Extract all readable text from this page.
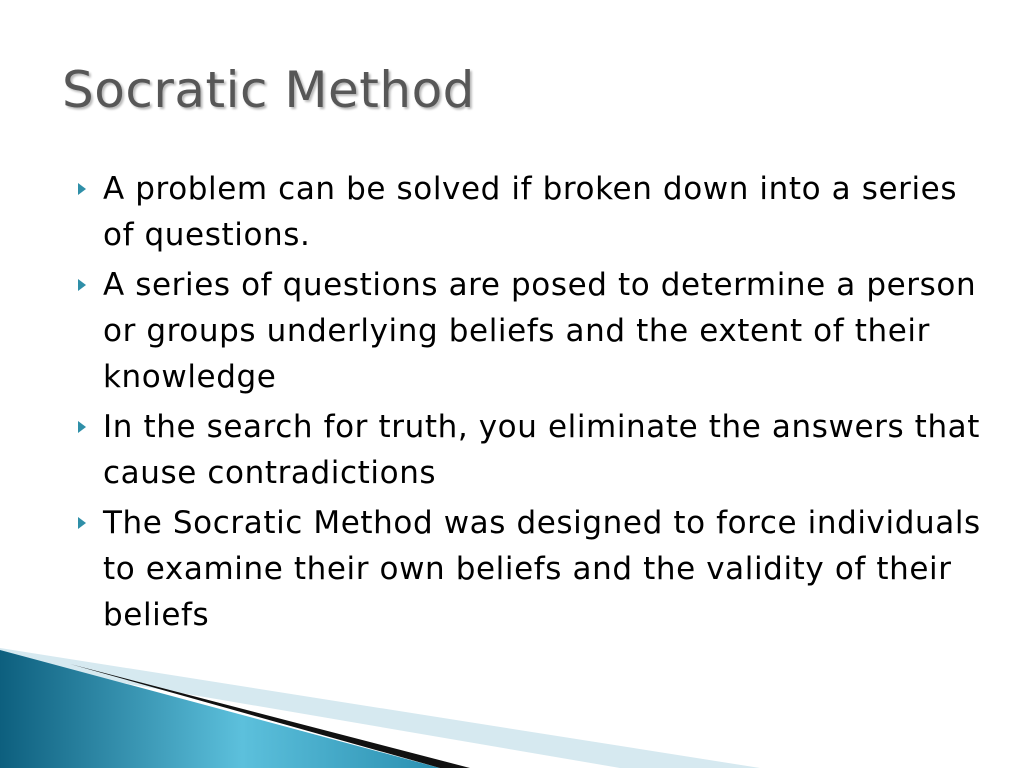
Socratic Method
A problem can be solved if broken down into a series of questions.
A series of questions are posed to determine a person or groups underlying beliefs and the extent of their knowledge
In the search for truth, you eliminate the answers that cause contradictions
The Socratic Method was designed to force individuals to examine their own beliefs and the validity of their beliefs
